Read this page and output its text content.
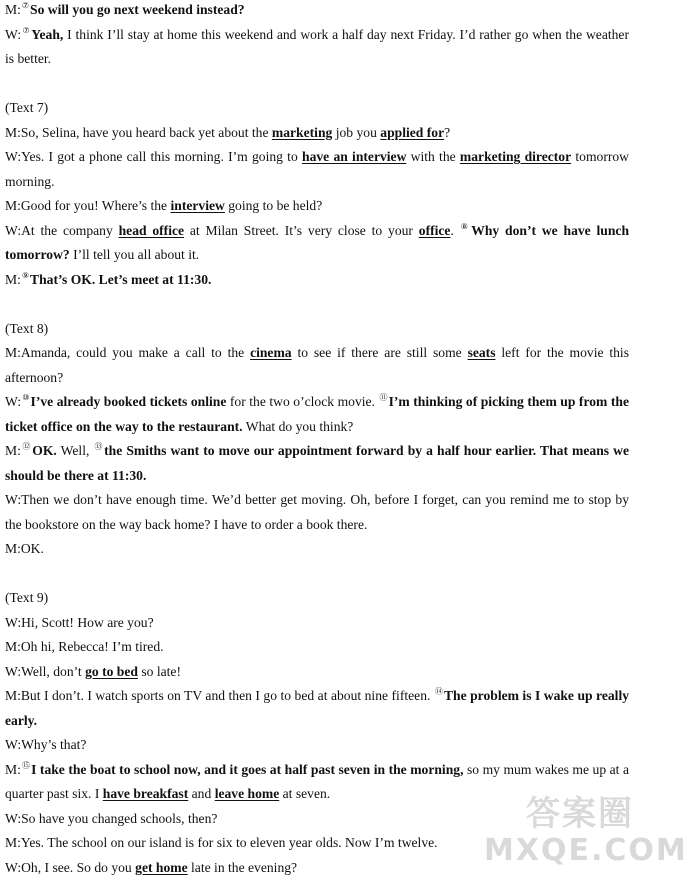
M:⑦So will you go next weekend instead?

W:⑦Yeah, I think I’ll stay at home this weekend and work a half day next Friday. I’d rather go when the weather is better.

(Text 7)

M:So, Selina, have you heard back yet about the marketing job you applied for?

W:Yes. I got a phone call this morning. I’m going to have an interview with the marketing director tomorrow morning.

M:Good for you! Where’s the interview going to be held?

W:At the company head office at Milan Street. It’s very close to your office. ⑧Why don’t we have lunch tomorrow? I’ll tell you all about it.

M:⑨That’s OK. Let’s meet at 11:30.

(Text 8)

M:Amanda, could you make a call to the cinema to see if there are still some seats left for the movie this afternoon?

W:⑩I’ve already booked tickets online for the two o’clock movie. ⑪I’m thinking of picking them up from the ticket office on the way to the restaurant. What do you think?

M:⑫OK. Well, ⑬the Smiths want to move our appointment forward by a half hour earlier. That means we should be there at 11:30.

W:Then we don’t have enough time. We’d better get moving. Oh, before I forget, can you remind me to stop by the bookstore on the way back home? I have to order a book there.

M:OK.

(Text 9)

W:Hi, Scott! How are you?

M:Oh hi, Rebecca! I’m tired.

W:Well, don’t go to bed so late!

M:But I don’t. I watch sports on TV and then I go to bed at about nine fifteen. ⑭The problem is I wake up really early.

W:Why’s that?

M:⑮I take the boat to school now, and it goes at half past seven in the morning, so my mum wakes me up at a quarter past six. I have breakfast and leave home at seven.

W:So have you changed schools, then?

M:Yes. The school on our island is for six to eleven year olds. Now I’m twelve.

W:Oh, I see. So do you get home late in the evening?

答案圈
MXQE.COM
